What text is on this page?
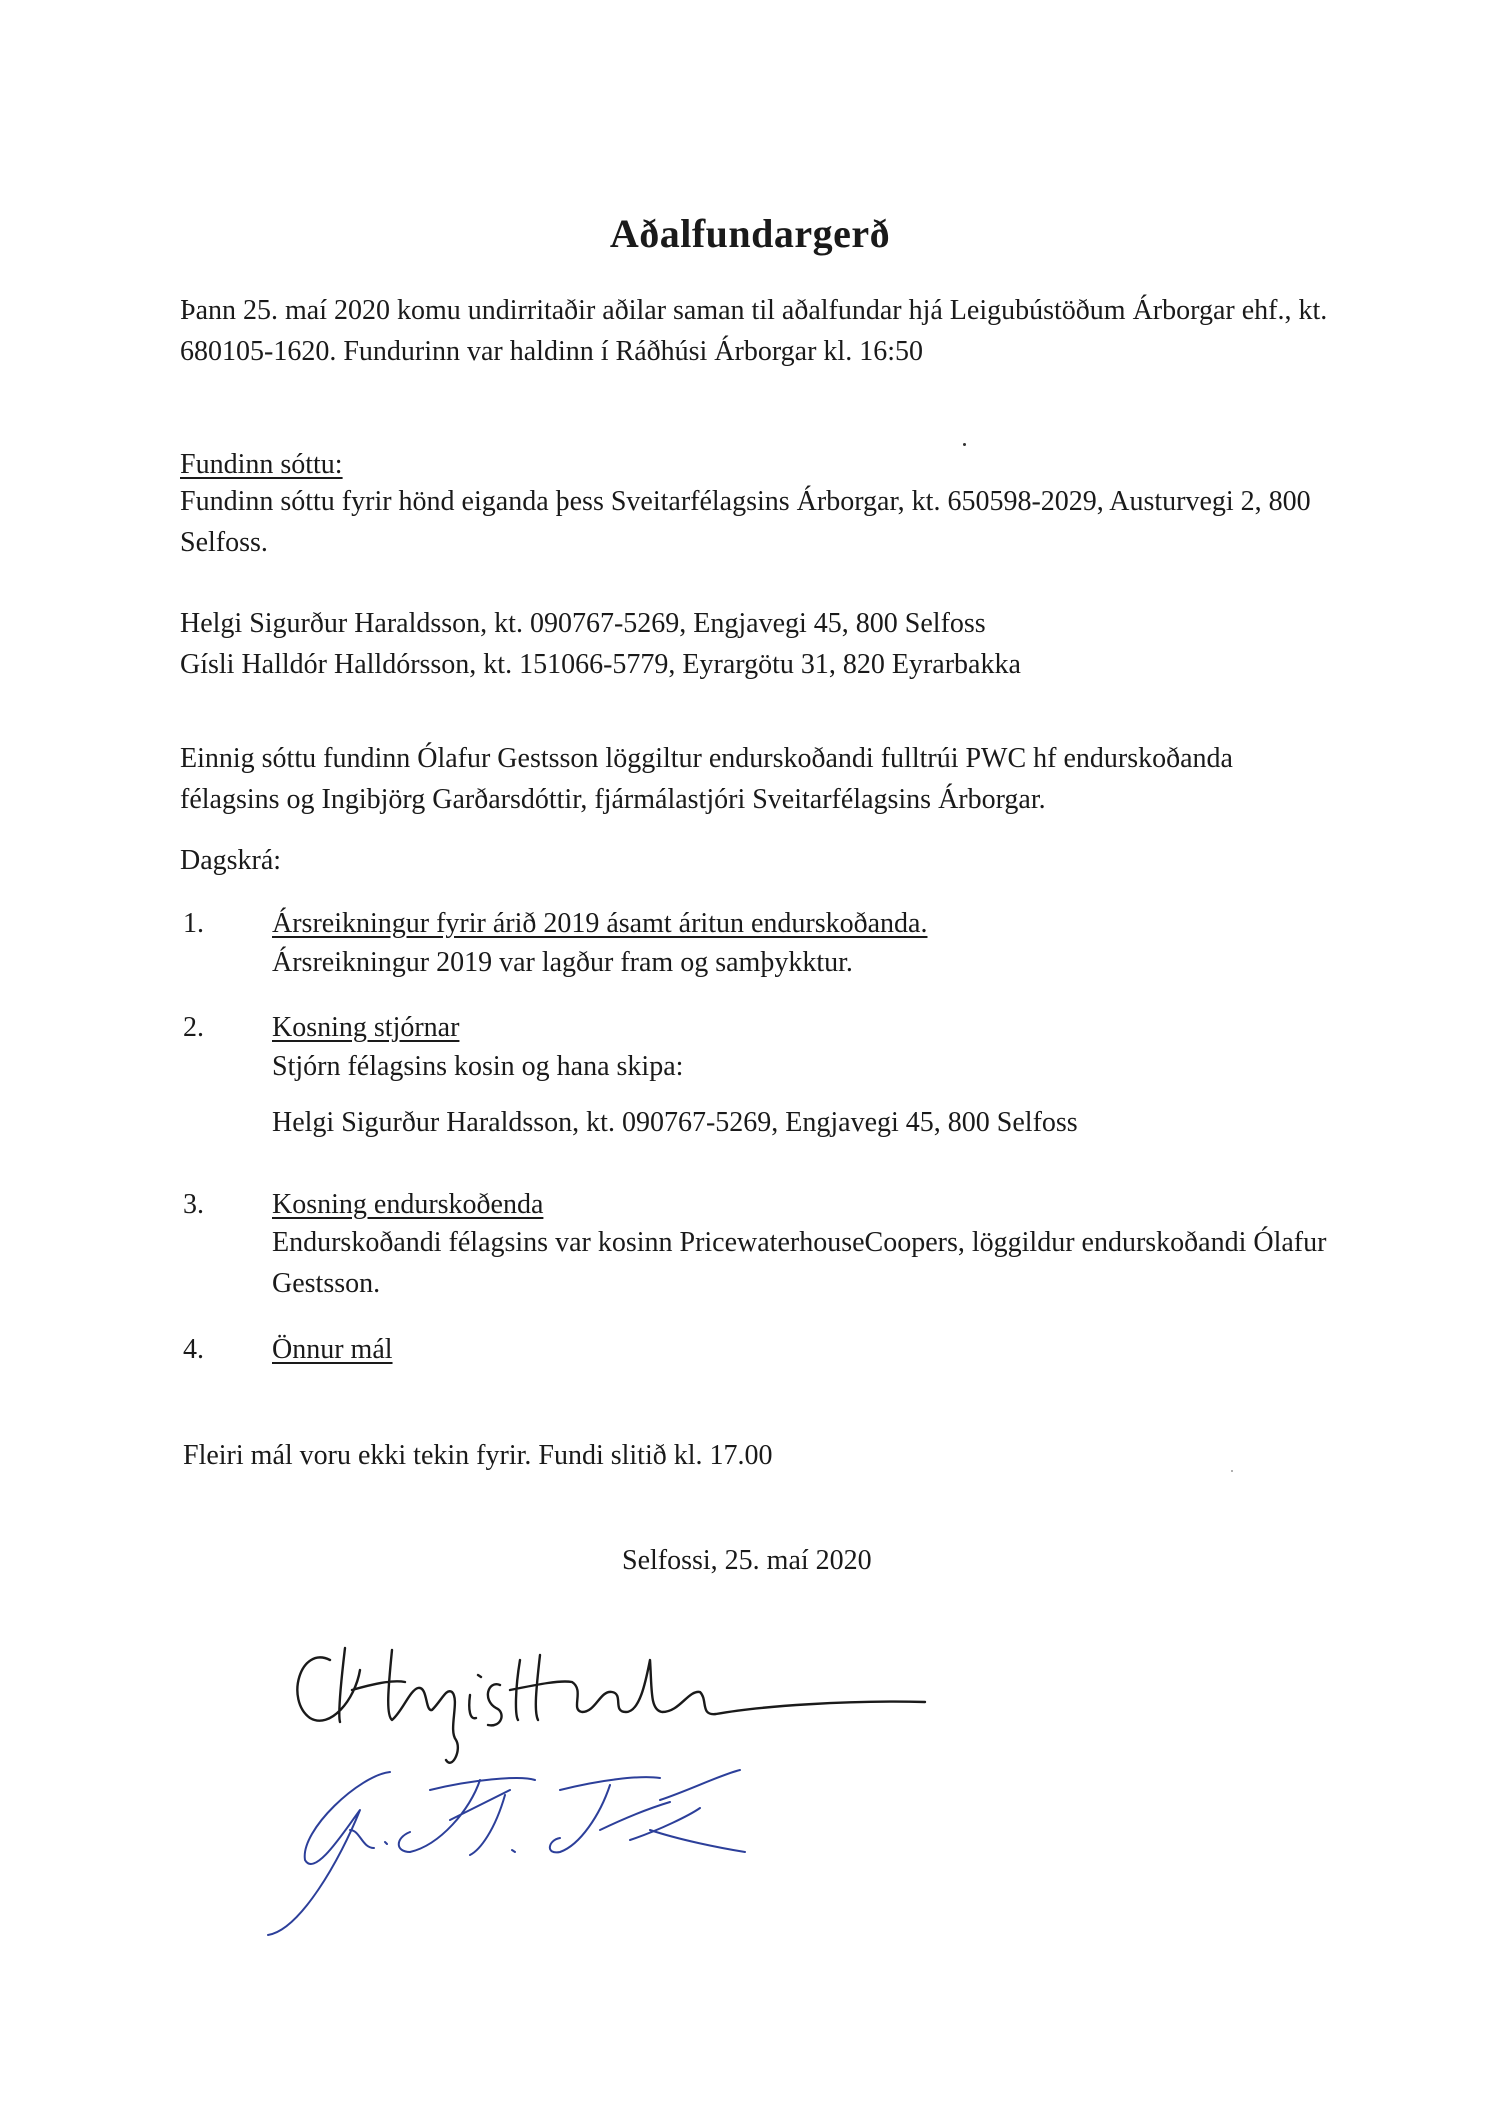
Aðalfundargerð
Þann 25. maí 2020 komu undirritaðir aðilar saman til aðalfundar hjá Leigubústöðum Árborgar ehf., kt. 680105-1620. Fundurinn var haldinn í Ráðhúsi Árborgar kl. 16:50
Fundinn sóttu:
Fundinn sóttu fyrir hönd eiganda þess Sveitarfélagsins Árborgar, kt. 650598-2029, Austurvegi 2, 800 Selfoss.
Helgi Sigurður Haraldsson, kt. 090767-5269, Engjavegi 45, 800 Selfoss
Gísli Halldór Halldórsson, kt. 151066-5779, Eyrargötu 31, 820 Eyrarbakka
Einnig sóttu fundinn Ólafur Gestsson löggiltur endurskoðandi fulltrúi PWC hf endurskoðanda félagsins og Ingibjörg Garðarsdóttir, fjármálastjóri Sveitarfélagsins Árborgar.
Dagskrá:
1. Ársreikningur fyrir árið 2019 ásamt áritun endurskoðanda.
Ársreikningur 2019 var lagður fram og samþykktur.
2. Kosning stjórnar
Stjórn félagsins kosin og hana skipa:
Helgi Sigurður Haraldsson, kt. 090767-5269, Engjavegi 45, 800 Selfoss
3. Kosning endurskoðenda
Endurskoðandi félagsins var kosinn PricewaterhouseCoopers, löggildur endurskoðandi Ólafur Gestsson.
4. Önnur mál
Fleiri mál voru ekki tekin fyrir. Fundi slitið kl. 17.00
Selfossi, 25. maí 2020
